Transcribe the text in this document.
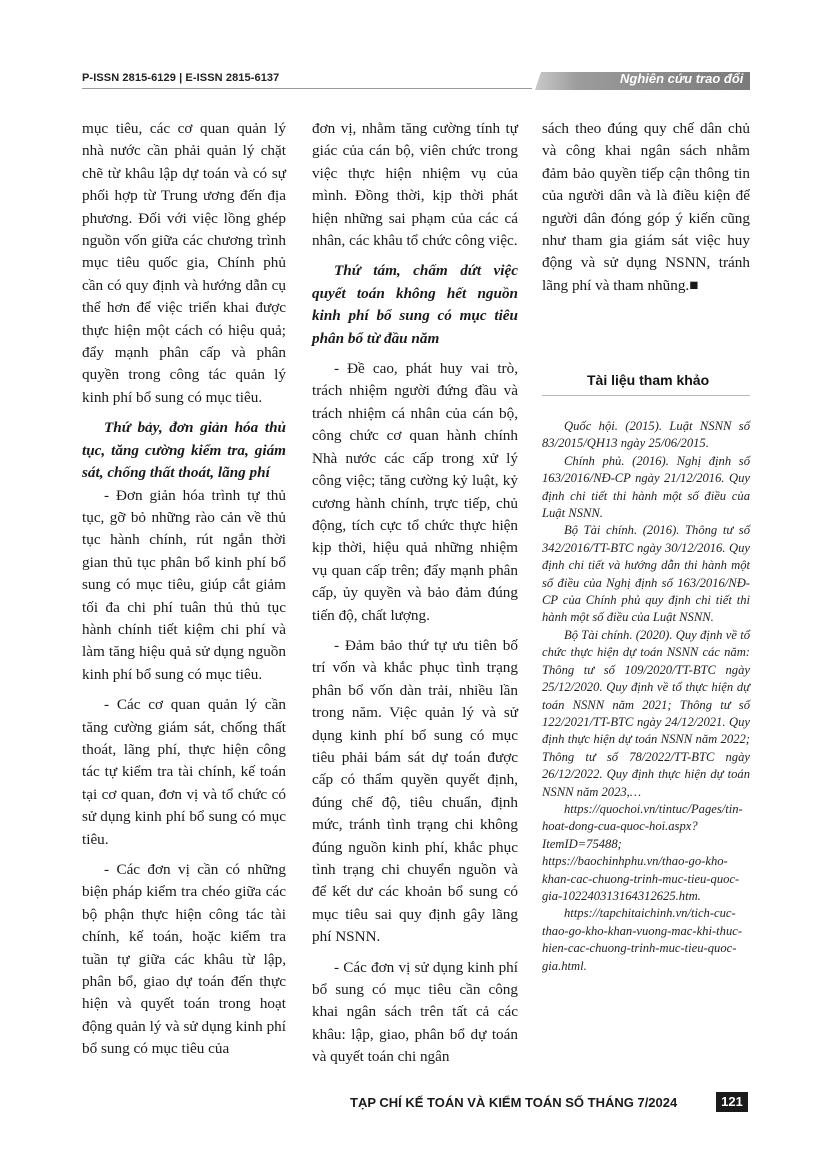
P-ISSN 2815-6129 | E-ISSN 2815-6137	Nghiên cứu trao đổi

mục tiêu, các cơ quan quản lý nhà nước cần phải quản lý chặt chẽ từ khâu lập dự toán và có sự phối hợp từ Trung ương đến địa phương. Đối với việc lồng ghép nguồn vốn giữa các chương trình mục tiêu quốc gia, Chính phủ cần có quy định và hướng dẫn cụ thể hơn để việc triển khai được thực hiện một cách có hiệu quả; đẩy mạnh phân cấp và phân quyền trong công tác quản lý kinh phí bổ sung có mục tiêu.

Thứ bảy, đơn giản hóa thủ tục, tăng cường kiểm tra, giám sát, chống thất thoát, lãng phí

- Đơn giản hóa trình tự thủ tục, gỡ bỏ những rào cản về thủ tục hành chính, rút ngắn thời gian thủ tục phân bổ kinh phí bổ sung có mục tiêu, giúp cắt giảm tối đa chi phí tuân thủ thủ tục hành chính tiết kiệm chi phí và làm tăng hiệu quả sử dụng nguồn kinh phí bổ sung có mục tiêu.

- Các cơ quan quản lý cần tăng cường giám sát, chống thất thoát, lãng phí, thực hiện công tác tự kiểm tra tài chính, kế toán tại cơ quan, đơn vị và tổ chức có sử dụng kinh phí bổ sung có mục tiêu.

- Các đơn vị cần có những biện pháp kiểm tra chéo giữa các bộ phận thực hiện công tác tài chính, kế toán, hoặc kiểm tra tuần tự giữa các khâu từ lập, phân bổ, giao dự toán đến thực hiện và quyết toán trong hoạt động quản lý và sử dụng kinh phí bổ sung có mục tiêu của

đơn vị, nhằm tăng cường tính tự giác của cán bộ, viên chức trong việc thực hiện nhiệm vụ của mình. Đồng thời, kịp thời phát hiện những sai phạm của các cá nhân, các khâu tổ chức công việc.

Thứ tám, chấm dứt việc quyết toán không hết nguồn kinh phí bổ sung có mục tiêu phân bổ từ đầu năm

- Đề cao, phát huy vai trò, trách nhiệm người đứng đầu và trách nhiệm cá nhân của cán bộ, công chức cơ quan hành chính Nhà nước các cấp trong xử lý công việc; tăng cường kỷ luật, kỷ cương hành chính, trực tiếp, chủ động, tích cực tổ chức thực hiện kịp thời, hiệu quả những nhiệm vụ quan cấp trên; đẩy mạnh phân cấp, ủy quyền và bảo đảm đúng tiến độ, chất lượng.

- Đảm bảo thứ tự ưu tiên bố trí vốn và khắc phục tình trạng phân bổ vốn dàn trải, nhiều lần trong năm. Việc quản lý và sử dụng kinh phí bổ sung có mục tiêu phải bám sát dự toán được cấp có thẩm quyền quyết định, đúng chế độ, tiêu chuẩn, định mức, tránh tình trạng chi không đúng nguồn kinh phí, khắc phục tình trạng chi chuyển nguồn và để kết dư các khoản bổ sung có mục tiêu sai quy định gây lãng phí NSNN.

- Các đơn vị sử dụng kinh phí bổ sung có mục tiêu cần công khai ngân sách trên tất cả các khâu: lập, giao, phân bổ dự toán và quyết toán chi ngân

sách theo đúng quy chế dân chủ và công khai ngân sách nhằm đảm bảo quyền tiếp cận thông tin của người dân và là điều kiện để người dân đóng góp ý kiến cũng như tham gia giám sát việc huy động và sử dụng NSNN, tránh lãng phí và tham nhũng.■

Tài liệu tham khảo

Quốc hội. (2015). Luật NSNN số 83/2015/QH13 ngày 25/06/2015.

Chính phủ. (2016). Nghị định số 163/2016/NĐ-CP ngày 21/12/2016. Quy định chi tiết thi hành một số điều của Luật NSNN.

Bộ Tài chính. (2016). Thông tư số 342/2016/TT-BTC ngày 30/12/2016. Quy định chi tiết và hướng dẫn thi hành một số điều của Nghị định số 163/2016/NĐ-CP của Chính phủ quy định chi tiết thi hành một số điều của Luật NSNN.

Bộ Tài chính. (2020). Quy định về tổ chức thực hiện dự toán NSNN các năm: Thông tư số 109/2020/TT-BTC ngày 25/12/2020. Quy định về tổ thực hiện dự toán NSNN năm 2021; Thông tư số 122/2021/TT-BTC ngày 24/12/2021. Quy định thực hiện dự toán NSNN năm 2022; Thông tư số 78/2022/TT-BTC ngày 26/12/2022. Quy định thực hiện dự toán NSNN năm 2023,…

https://quochoi.vn/tintuc/Pages/tin-hoat-dong-cua-quoc-hoi.aspx?ItemID=75488; https://baochinhphu.vn/thao-go-kho-khan-cac-chuong-trinh-muc-tieu-quoc-gia-102240313164312625.htm.

https://tapchitaichinh.vn/tich-cuc-thao-go-kho-khan-vuong-mac-khi-thuc-hien-cac-chuong-trinh-muc-tieu-quoc-gia.html.

TẠP CHÍ KẾ TOÁN VÀ KIỂM TOÁN SỐ THÁNG 7/2024	121
